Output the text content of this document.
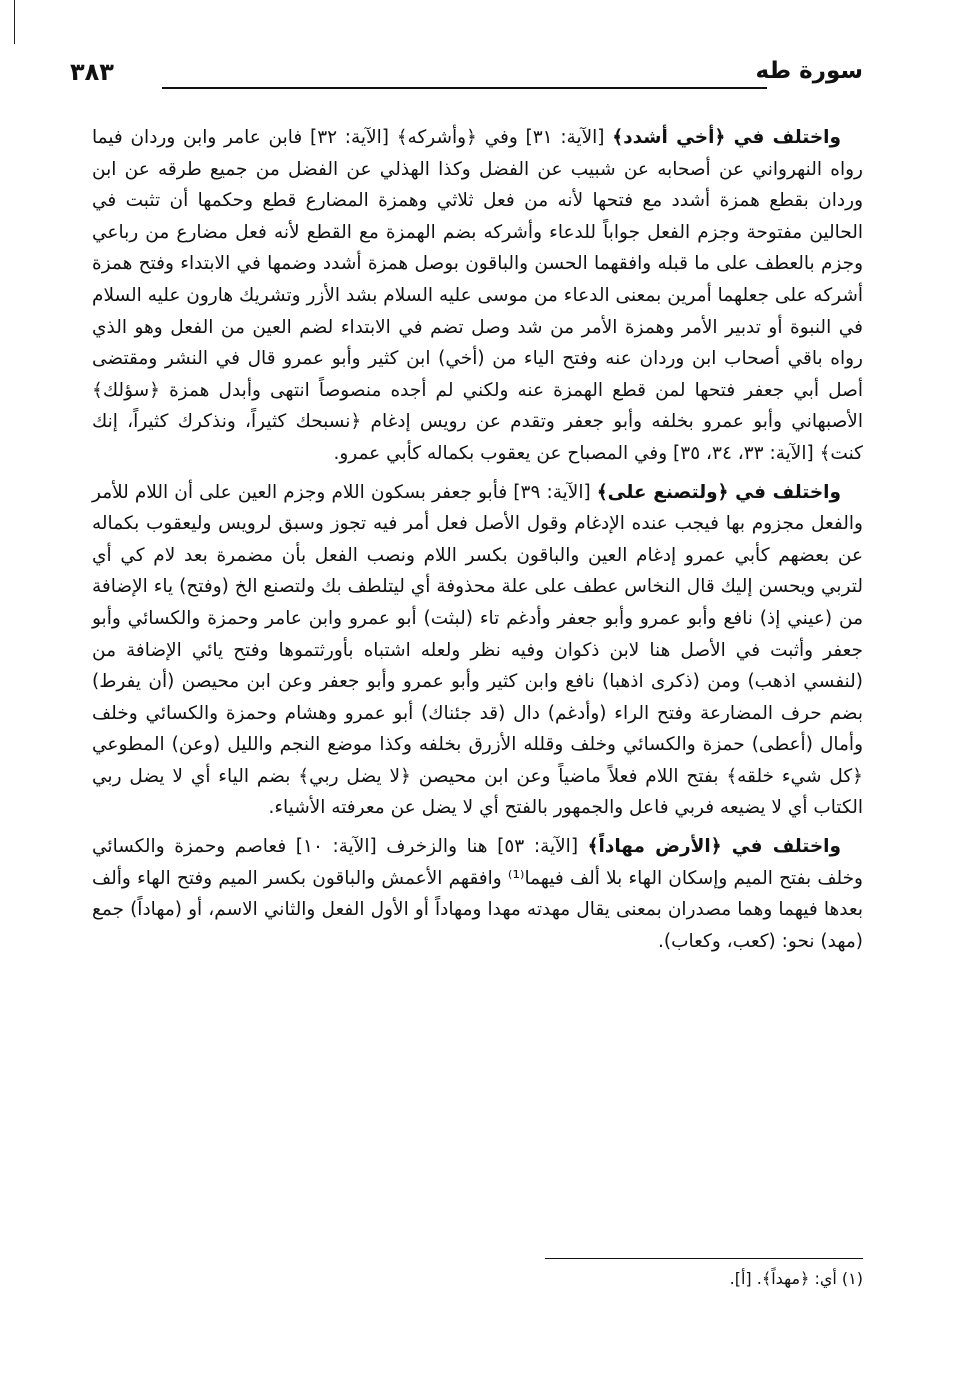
سورة طه
٣٨٣

واختلف في ﴿أخي أشدد﴾ [الآية: ٣١] وفي ﴿وأشركه﴾ [الآية: ٣٢] فابن عامر وابن وردان فيما رواه النهرواني عن أصحابه عن شبيب عن الفضل وكذا الهذلي عن الفضل من جميع طرقه عن ابن وردان بقطع همزة أشدد مع فتحها لأنه من فعل ثلاثي وهمزة المضارع قطع وحكمها أن تثبت في الحالين مفتوحة وجزم الفعل جواباً للدعاء وأشركه بضم الهمزة مع القطع لأنه فعل مضارع من رباعي وجزم بالعطف على ما قبله وافقهما الحسن والباقون بوصل همزة أشدد وضمها في الابتداء وفتح همزة أشركه على جعلهما أمرين بمعنى الدعاء من موسى عليه السلام بشد الأزر وتشريك هارون عليه السلام في النبوة أو تدبير الأمر وهمزة الأمر من شد وصل تضم في الابتداء لضم العين من الفعل وهو الذي رواه باقي أصحاب ابن وردان عنه وفتح الياء من (أخي) ابن كثير وأبو عمرو قال في النشر ومقتضى أصل أبي جعفر فتحها لمن قطع الهمزة عنه ولكني لم أجده منصوصاً انتهى وأبدل همزة ﴿سؤلك﴾ الأصبهاني وأبو عمرو بخلفه وأبو جعفر وتقدم عن رويس إدغام ﴿نسبحك كثيراً، ونذكرك كثيراً، إنك كنت﴾ [الآية: ٣٣، ٣٤، ٣٥] وفي المصباح عن يعقوب بكماله كأبي عمرو.

واختلف في ﴿ولتصنع على﴾ [الآية: ٣٩] فأبو جعفر بسكون اللام وجزم العين على أن اللام للأمر والفعل مجزوم بها فيجب عنده الإدغام وقول الأصل فعل أمر فيه تجوز وسبق لرويس وليعقوب بكماله عن بعضهم كأبي عمرو إدغام العين والباقون بكسر اللام ونصب الفعل بأن مضمرة بعد لام كي أي لتربي ويحسن إليك قال النخاس عطف على علة محذوفة أي ليتلطف بك ولتصنع الخ (وفتح) ياء الإضافة من (عيني إذ) نافع وأبو عمرو وأبو جعفر وأدغم تاء (لبثت) أبو عمرو وابن عامر وحمزة والكسائي وأبو جعفر وأثبت في الأصل هنا لابن ذكوان وفيه نظر ولعله اشتباه بأورثتموها وفتح يائي الإضافة من (لنفسي اذهب) ومن (ذكرى اذهبا) نافع وابن كثير وأبو عمرو وأبو جعفر وعن ابن محيصن (أن يفرط) بضم حرف المضارعة وفتح الراء (وأدغم) دال (قد جئناك) أبو عمرو وهشام وحمزة والكسائي وخلف وأمال (أعطى) حمزة والكسائي وخلف وقلله الأزرق بخلفه وكذا موضع النجم والليل (وعن) المطوعي ﴿كل شيء خلقه﴾ بفتح اللام فعلاً ماضياً وعن ابن محيصن ﴿لا يضل ربي﴾ بضم الياء أي لا يضل ربي الكتاب أي لا يضيعه فربي فاعل والجمهور بالفتح أي لا يضل عن معرفته الأشياء.

واختلف في ﴿الأرض مهاداً﴾ [الآية: ٥٣] هنا والزخرف [الآية: ١٠] فعاصم وحمزة والكسائي وخلف بفتح الميم وإسكان الهاء بلا ألف فيهما⁽¹⁾ وافقهم الأعمش والباقون بكسر الميم وفتح الهاء وألف بعدها فيهما وهما مصدران بمعنى يقال مهدته مهدا ومهاداً أو الأول الفعل والثاني الاسم، أو (مهاداً) جمع (مهد) نحو: (كعب، وكعاب).

(١) أي: ﴿مهداً﴾. [أ].
